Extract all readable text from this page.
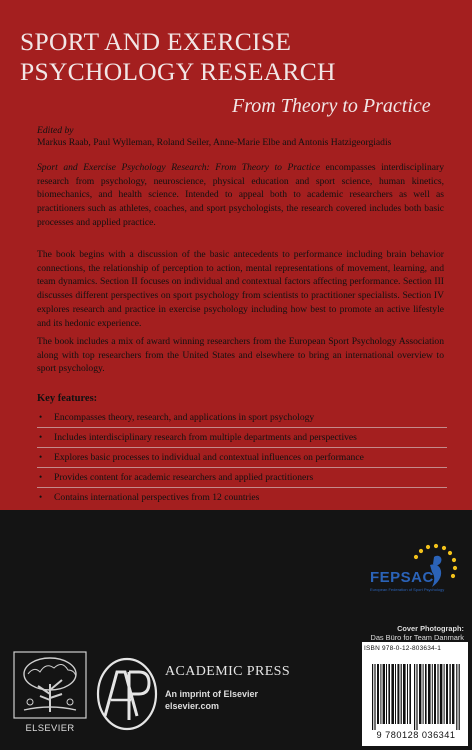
SPORT AND EXERCISE
PSYCHOLOGY RESEARCH
From Theory to Practice
Edited by
Markus Raab, Paul Wylleman, Roland Seiler, Anne-Marie Elbe and Antonis Hatzigeorgiadis

Sport and Exercise Psychology Research: From Theory to Practice encompasses interdisciplinary research from psychology, neuroscience, physical education and sport science, human kinetics, biomechanics, and health science. Intended to appeal both to academic researchers as well as practitioners such as athletes, coaches, and sport psychologists, the research covered includes both basic processes and applied practice.

The book begins with a discussion of the basic antecedents to performance including brain behavior connections, the relationship of perception to action, mental representations of movement, learning, and team dynamics. Section II focuses on individual and contextual factors affecting performance. Section III discusses different perspectives on sport psychology from scientists to practitioner specialists. Section IV explores research and practice in exercise psychology including how best to promote an active lifestyle and its hedonic experience.

The book includes a mix of award winning researchers from the European Sport Psychology Association along with top researchers from the United States and elsewhere to bring an international overview to sport psychology.

Key features:
• Encompasses theory, research, and applications in sport psychology
• Includes interdisciplinary research from multiple departments and perspectives
• Explores basic processes to individual and contextual influences on performance
• Provides content for academic researchers and applied practitioners
• Contains international perspectives from 12 countries
FEPSAC
European Federation of Sport Psychology
Cover Photograph:
Das Büro for Team Danmark
ISBN 978-0-12-803634-1
9 780128 036341
ELSEVIER
ACADEMIC PRESS
An imprint of Elsevier
elsevier.com
